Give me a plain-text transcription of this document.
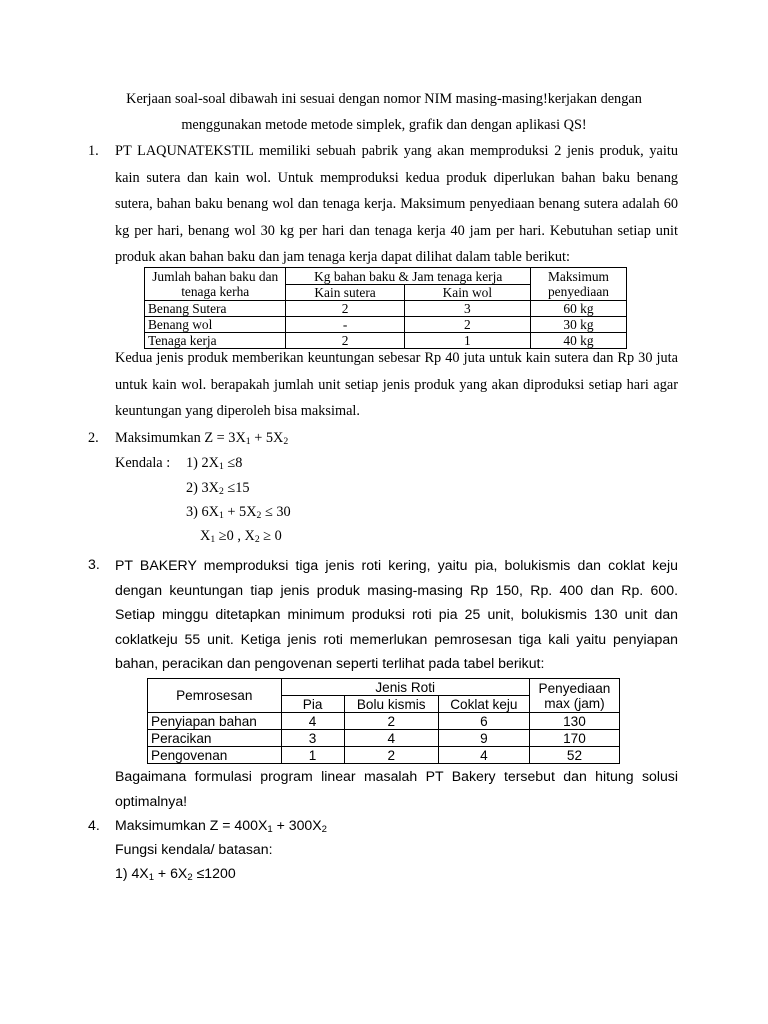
Kerjaan soal-soal dibawah ini sesuai dengan nomor NIM masing-masing!kerjakan dengan
menggunakan metode metode simplek, grafik dan dengan aplikasi QS!
1. PT LAQUNATEKSTIL memiliki sebuah pabrik yang akan memproduksi 2 jenis produk, yaitu kain sutera dan kain wol. Untuk memproduksi kedua produk diperlukan bahan baku benang sutera, bahan baku benang wol dan tenaga kerja. Maksimum penyediaan benang sutera adalah 60 kg per hari, benang wol 30 kg per hari dan tenaga kerja 40 jam per hari. Kebutuhan setiap unit produk akan bahan baku dan jam tenaga kerja dapat dilihat dalam table berikut:
Jumlah bahan baku dan tenaga kerha	Kg bahan baku & Jam tenaga kerja		Maksimum penyediaan
	Kain sutera	Kain wol	
Benang Sutera	2	3	60 kg
Benang wol	-	2	30 kg
Tenaga kerja	2	1	40 kg
Kedua jenis produk memberikan keuntungan sebesar Rp 40 juta untuk kain sutera dan Rp 30 juta untuk kain wol. berapakah jumlah unit setiap jenis produk yang akan diproduksi setiap hari agar keuntungan yang diperoleh bisa maksimal.
2. Maksimumkan $Z = 3X_1 + 5X_2$
Kendala : 1) $2X_1 \le 8$
2) $3X_2 \le 15$
3) $6X_1 + 5X_2 \le 30$
$X_1 \ge 0$ , $X_2 \ge 0$
3. PT BAKERY memproduksi tiga jenis roti kering, yaitu pia, bolukismis dan coklat keju dengan keuntungan tiap jenis produk masing-masing Rp 150, Rp. 400 dan Rp. 600. Setiap minggu ditetapkan minimum produksi roti pia 25 unit, bolukismis 130 unit dan coklatkeju 55 unit. Ketiga jenis roti memerlukan pemrosesan tiga kali yaitu penyiapan bahan, peracikan dan pengovenan seperti terlihat pada tabel berikut:
Pemrosesan	Jenis Roti			Penyediaan max (jam)
	Pia	Bolu kismis	Coklat keju	
Penyiapan bahan	4	2	6	130
Peracikan	3	4	9	170
Pengovenan	1	2	4	52
Bagaimana formulasi program linear masalah PT Bakery tersebut dan hitung solusi optimalnya!
4. Maksimumkan $Z = 400X_1 + 300X_2$
Fungsi kendala/ batasan:
1) $4X_1 + 6X_2 \le 1200$
